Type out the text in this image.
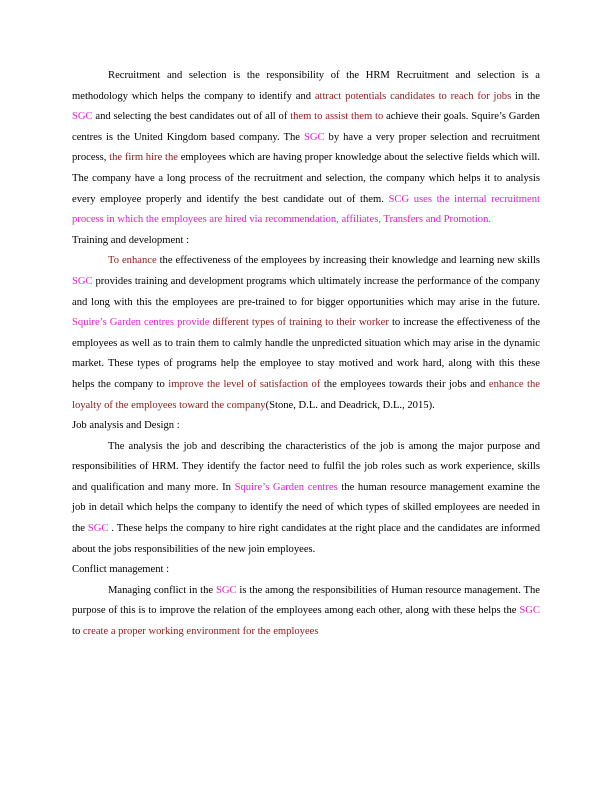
Recruitment and selection is the responsibility of the HRM Recruitment and selection is a methodology which helps the company to identify and attract potentials candidates to reach for jobs in the SGC and selecting the best candidates out of all of them to assist them to achieve their goals. Squire’s Garden centres is the United Kingdom based company. The SGC by have a very proper selection and recruitment process, the firm hire the employees which are having proper knowledge about the selective fields which will. The company have a long process of the recruitment and selection, the company which helps it to analysis every employee properly and identify the best candidate out of them. SCG uses the internal recruitment process in which the employees are hired via recommendation, affiliates, Transfers and Promotion.

Training and development :

To enhance the effectiveness of the employees by increasing their knowledge and learning new skills SGC provides training and development programs which ultimately increase the performance of the company and long with this the employees are pre-trained to for bigger opportunities which may arise in the future. Squire’s Garden centres provide different types of training to their worker to increase the effectiveness of the employees as well as to train them to calmly handle the unpredicted situation which may arise in the dynamic market. These types of programs help the employee to stay motived and work hard, along with this these helps the company to improve the level of satisfaction of the employees towards their jobs and enhance the loyalty of the employees toward the company(Stone, D.L. and Deadrick, D.L., 2015).

Job analysis and Design :

The analysis the job and describing the characteristics of the job is among the major purpose and responsibilities of HRM. They identify the factor need to fulfil the job roles such as work experience, skills and qualification and many more. In Squire’s Garden centres the human resource management examine the job in detail which helps the company to identify the need of which types of skilled employees are needed in the SGC . These helps the company to hire right candidates at the right place and the candidates are informed about the jobs responsibilities of the new join employees.

Conflict management :

Managing conflict in the SGC is the among the responsibilities of Human resource management. The purpose of this is to improve the relation of the employees among each other, along with these helps the SGC to create a proper working environment for the employees
